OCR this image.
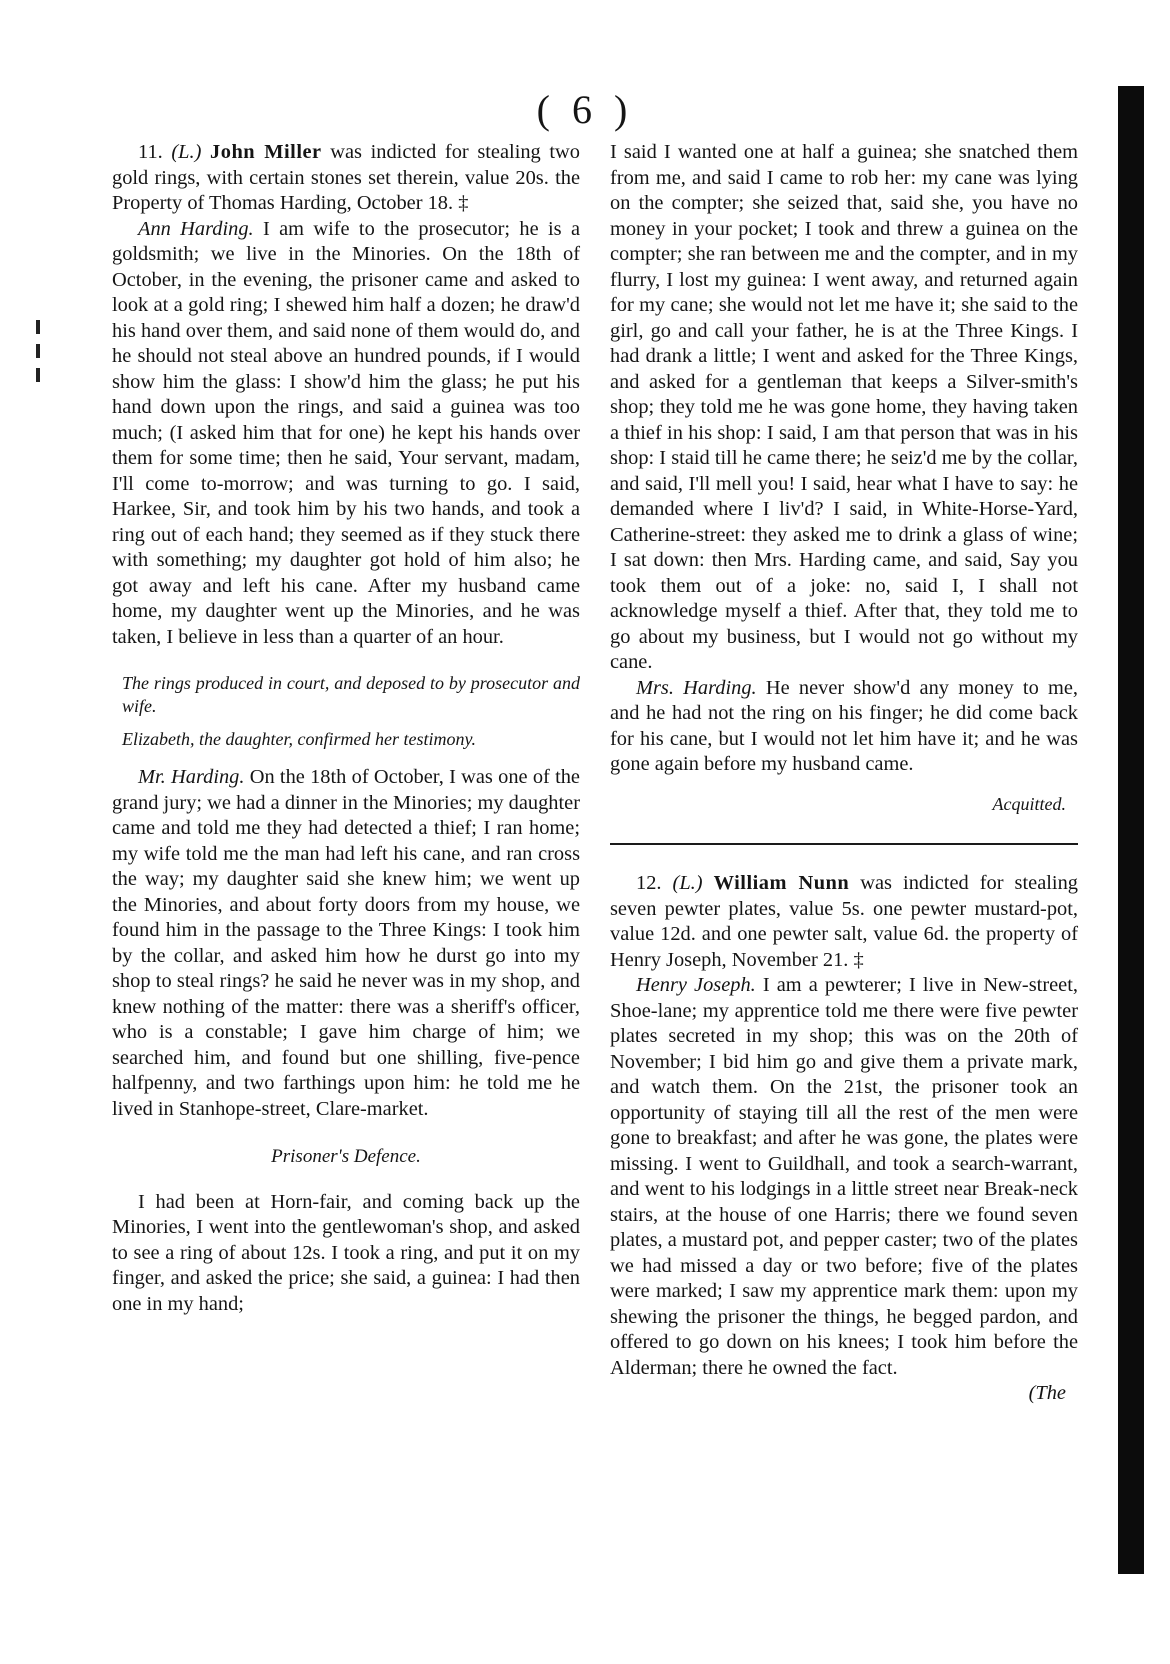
( 6 )

11. (L.) John Miller was indicted for stealing two gold rings, with certain stones set therein, value 20s. the Property of Thomas Harding, October 18. ‡

Ann Harding. I am wife to the prosecutor; he is a goldsmith; we live in the Minories. On the 18th of October, in the evening, the prisoner came and asked to look at a gold ring; I shewed him half a dozen; he draw'd his hand over them, and said none of them would do, and he should not steal above an hundred pounds, if I would show him the glass: I show'd him the glass; he put his hand down upon the rings, and said a guinea was too much; (I asked him that for one) he kept his hands over them for some time; then he said, Your servant, madam, I'll come to-morrow; and was turning to go. I said, Harkee, Sir, and took him by his two hands, and took a ring out of each hand; they seemed as if they stuck there with something; my daughter got hold of him also; he got away and left his cane. After my husband came home, my daughter went up the Minories, and he was taken, I believe in less than a quarter of an hour.

The rings produced in court, and deposed to by prosecutor and wife.

Elizabeth, the daughter, confirmed her testimony.

Mr. Harding. On the 18th of October, I was one of the grand jury; we had a dinner in the Minories; my daughter came and told me they had detected a thief; I ran home; my wife told me the man had left his cane, and ran cross the way; my daughter said she knew him; we went up the Minories, and about forty doors from my house, we found him in the passage to the Three Kings: I took him by the collar, and asked him how he durst go into my shop to steal rings? he said he never was in my shop, and knew nothing of the matter: there was a sheriff's officer, who is a constable; I gave him charge of him; we searched him, and found but one shilling, five-pence halfpenny, and two farthings upon him: he told me he lived in Stanhope-street, Clare-market.

Prisoner's Defence.

I had been at Horn-fair, and coming back up the Minories, I went into the gentlewoman's shop, and asked to see a ring of about 12s. I took a ring, and put it on my finger, and asked the price; she said, a guinea: I had then one in my hand;

I said I wanted one at half a guinea; she snatched them from me, and said I came to rob her: my cane was lying on the compter; she seized that, said she, you have no money in your pocket; I took and threw a guinea on the compter; she ran between me and the compter, and in my flurry, I lost my guinea: I went away, and returned again for my cane; she would not let me have it; she said to the girl, go and call your father, he is at the Three Kings. I had drank a little; I went and asked for the Three Kings, and asked for a gentleman that keeps a Silver-smith's shop; they told me he was gone home, they having taken a thief in his shop: I said, I am that person that was in his shop: I staid till he came there; he seiz'd me by the collar, and said, I'll mell you! I said, hear what I have to say: he demanded where I liv'd? I said, in White-Horse-Yard, Catherine-street: they asked me to drink a glass of wine; I sat down: then Mrs. Harding came, and said, Say you took them out of a joke: no, said I, I shall not acknowledge myself a thief. After that, they told me to go about my business, but I would not go without my cane.

Mrs. Harding. He never show'd any money to me, and he had not the ring on his finger; he did come back for his cane, but I would not let him have it; and he was gone again before my husband came.

Acquitted.

12. (L.) William Nunn was indicted for stealing seven pewter plates, value 5s. one pewter mustard-pot, value 12d. and one pewter salt, value 6d. the property of Henry Joseph, November 21. ‡

Henry Joseph. I am a pewterer; I live in New-street, Shoe-lane; my apprentice told me there were five pewter plates secreted in my shop; this was on the 20th of November; I bid him go and give them a private mark, and watch them. On the 21st, the prisoner took an opportunity of staying till all the rest of the men were gone to breakfast; and after he was gone, the plates were missing. I went to Guildhall, and took a search-warrant, and went to his lodgings in a little street near Break-neck stairs, at the house of one Harris; there we found seven plates, a mustard pot, and pepper caster; two of the plates we had missed a day or two before; five of the plates were marked; I saw my apprentice mark them: upon my shewing the prisoner the things, he begged pardon, and offered to go down on his knees; I took him before the Alderman; there he owned the fact.

(The
